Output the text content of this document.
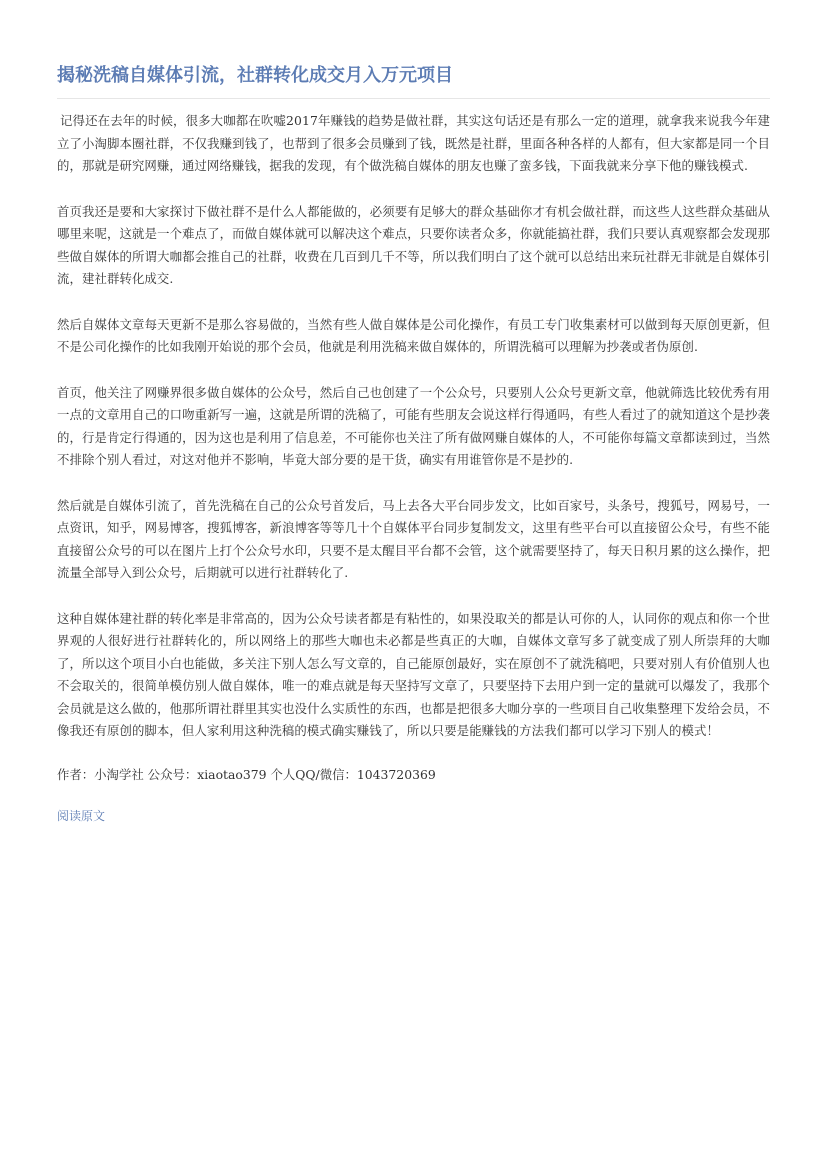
揭秘洗稿自媒体引流，社群转化成交月入万元项目

记得还在去年的时候，很多大咖都在吹嘘2017年赚钱的趋势是做社群，其实这句话还是有那么一定的道理，就拿我来说我今年建立了小淘脚本圈社群，不仅我赚到钱了，也帮到了很多会员赚到了钱，既然是社群，里面各种各样的人都有，但大家都是同一个目的，那就是研究网赚，通过网络赚钱，据我的发现，有个做洗稿自媒体的朋友也赚了蛮多钱，下面我就来分享下他的赚钱模式.

首页我还是要和大家探讨下做社群不是什么人都能做的，必须要有足够大的群众基础你才有机会做社群，而这些人这些群众基础从哪里来呢，这就是一个难点了，而做自媒体就可以解决这个难点，只要你读者众多，你就能搞社群，我们只要认真观察都会发现那些做自媒体的所谓大咖都会推自己的社群，收费在几百到几千不等，所以我们明白了这个就可以总结出来玩社群无非就是自媒体引流，建社群转化成交.

然后自媒体文章每天更新不是那么容易做的，当然有些人做自媒体是公司化操作，有员工专门收集素材可以做到每天原创更新，但不是公司化操作的比如我刚开始说的那个会员，他就是利用洗稿来做自媒体的，所谓洗稿可以理解为抄袭或者伪原创.

首页，他关注了网赚界很多做自媒体的公众号，然后自己也创建了一个公众号，只要别人公众号更新文章，他就筛选比较优秀有用一点的文章用自己的口吻重新写一遍，这就是所谓的洗稿了，可能有些朋友会说这样行得通吗，有些人看过了的就知道这个是抄袭的，行是肯定行得通的，因为这也是利用了信息差，不可能你也关注了所有做网赚自媒体的人，不可能你每篇文章都读到过，当然不排除个别人看过，对这对他并不影响，毕竟大部分要的是干货，确实有用谁管你是不是抄的.

然后就是自媒体引流了，首先洗稿在自己的公众号首发后，马上去各大平台同步发文，比如百家号，头条号，搜狐号，网易号，一点资讯，知乎，网易博客，搜狐博客，新浪博客等等几十个自媒体平台同步复制发文，这里有些平台可以直接留公众号，有些不能直接留公众号的可以在图片上打个公众号水印，只要不是太醒目平台都不会管，这个就需要坚持了，每天日积月累的这么操作，把流量全部导入到公众号，后期就可以进行社群转化了.

这种自媒体建社群的转化率是非常高的，因为公众号读者都是有粘性的，如果没取关的都是认可你的人，认同你的观点和你一个世界观的人很好进行社群转化的，所以网络上的那些大咖也未必都是些真正的大咖，自媒体文章写多了就变成了别人所崇拜的大咖了，所以这个项目小白也能做，多关注下别人怎么写文章的，自己能原创最好，实在原创不了就洗稿吧，只要对别人有价值别人也不会取关的，很简单模仿别人做自媒体，唯一的难点就是每天坚持写文章了，只要坚持下去用户到一定的量就可以爆发了，我那个会员就是这么做的，他那所谓社群里其实也没什么实质性的东西，也都是把很多大咖分享的一些项目自己收集整理下发给会员，不像我还有原创的脚本，但人家利用这种洗稿的模式确实赚钱了，所以只要是能赚钱的方法我们都可以学习下别人的模式！

作者：小淘学社 公众号：xiaotao379 个人QQ/微信：1043720369

阅读原文
